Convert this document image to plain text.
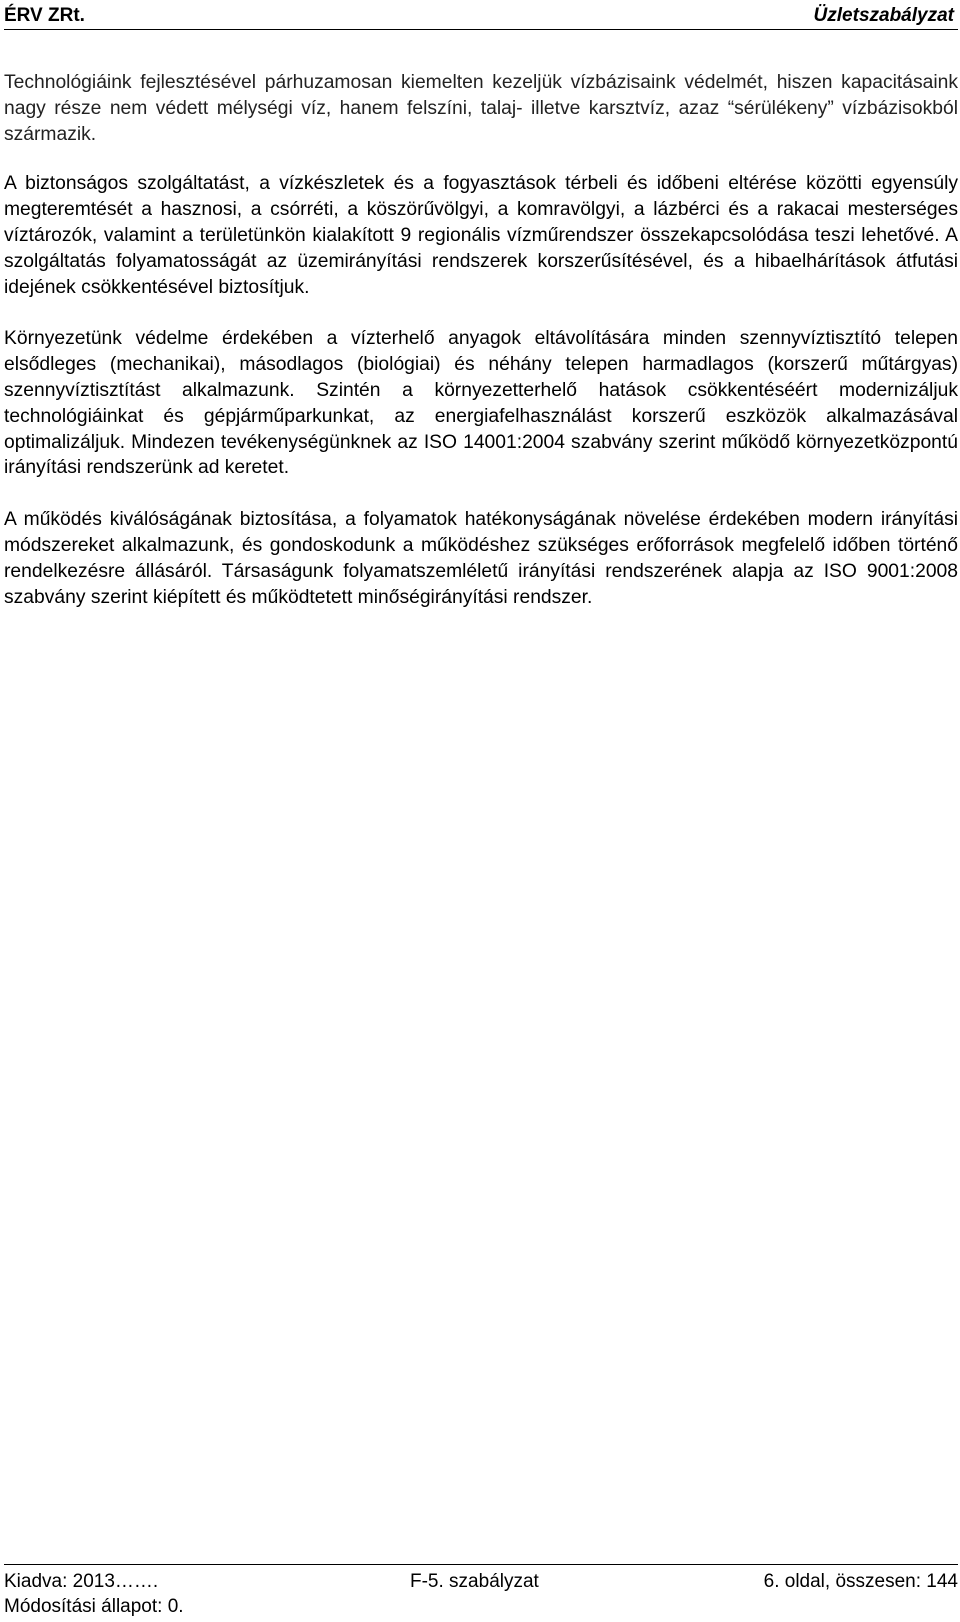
ÉRV ZRt.	Üzletszabályzat

Technológiáink fejlesztésével párhuzamosan kiemelten kezeljük vízbázisaink védelmét, hiszen kapacitásaink nagy része nem védett mélységi víz, hanem felszíni, talaj- illetve karsztvíz, azaz “sérülékeny” vízbázisokból származik.

A biztonságos szolgáltatást, a vízkészletek és a fogyasztások térbeli és időbeni eltérése közötti egyensúly megteremtését a hasznosi, a csórréti, a köszörűvölgyi, a komravölgyi, a lázbérci és a rakacai mesterséges víztározók, valamint a területünkön kialakított 9 regionális vízműrendszer összekapcsolódása teszi lehetővé. A szolgáltatás folyamatosságát az üzemirányítási rendszerek korszerűsítésével, és a hibaelhárítások átfutási idejének csökkentésével biztosítjuk.

Környezetünk védelme érdekében a vízterhelő anyagok eltávolítására minden szennyvíztisztító telepen elsődleges (mechanikai), másodlagos (biológiai) és néhány telepen harmadlagos (korszerű műtárgyas) szennyvíztisztítást alkalmazunk. Szintén a környezetterhelő hatások csökkentéséért modernizáljuk technológiáinkat és gépjárműparkunkat, az energiafelhasználást korszerű eszközök alkalmazásával optimalizáljuk. Mindezen tevékenységünknek az ISO 14001:2004 szabvány szerint működő környezetközpontú irányítási rendszerünk ad keretet.

A működés kiválóságának biztosítása, a folyamatok hatékonyságának növelése érdekében modern irányítási módszereket alkalmazunk, és gondoskodunk a működéshez szükséges erőforrások megfelelő időben történő rendelkezésre állásáról. Társaságunk folyamatszemléletű irányítási rendszerének alapja az ISO 9001:2008 szabvány szerint kiépített és működtetett minőségirányítási rendszer.

Kiadva: 2013…….	F-5. szabályzat	6. oldal, összesen: 144
Módosítási állapot: 0.
